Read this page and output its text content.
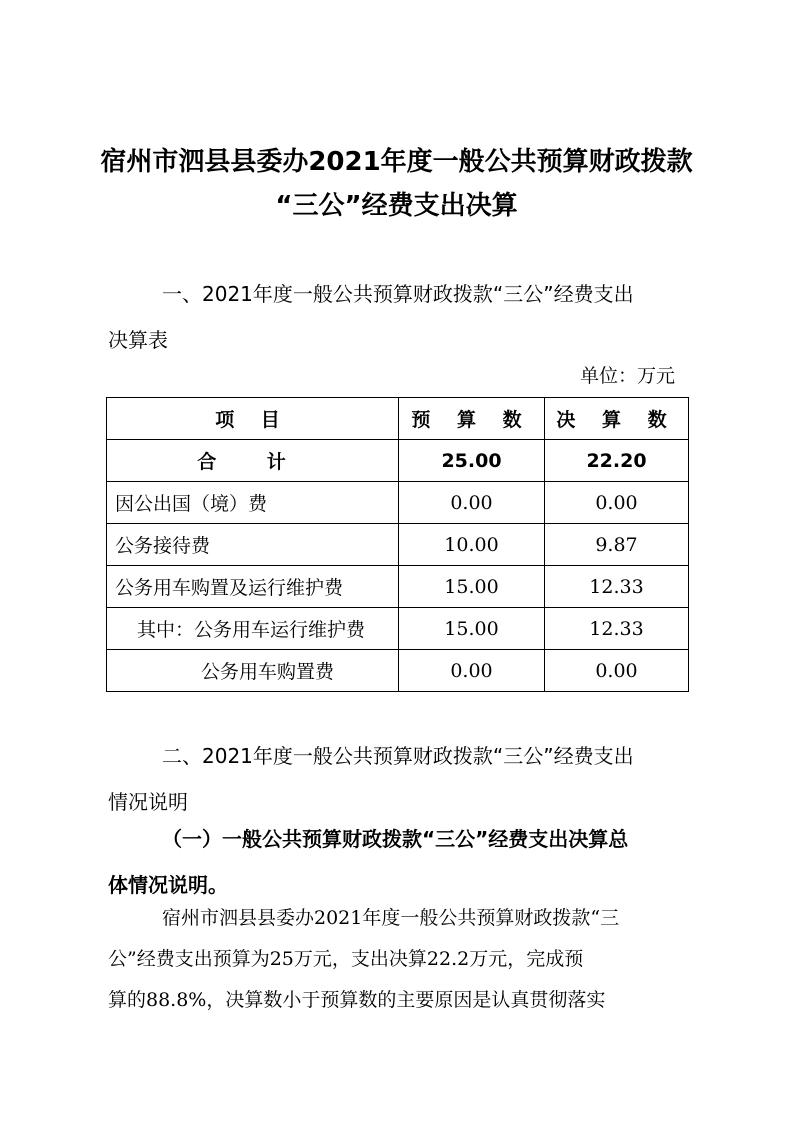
宿州市泗县县委办2021年度一般公共预算财政拨款
“三公”经费支出决算
一、2021年度一般公共预算财政拨款“三公”经费支出
决算表
单位：万元
项 目	预 算 数	决 算 数
合 计	25.00	22.20
因公出国（境）费	0.00	0.00
公务接待费	10.00	9.87
公务用车购置及运行维护费	15.00	12.33
其中：公务用车运行维护费	15.00	12.33
公务用车购置费	0.00	0.00
二、2021年度一般公共预算财政拨款“三公”经费支出
情况说明
（一）一般公共预算财政拨款“三公”经费支出决算总
体情况说明。
宿州市泗县县委办2021年度一般公共预算财政拨款“三
公”经费支出预算为25万元，支出决算22.2万元，完成预
算的88.8%，决算数小于预算数的主要原因是认真贯彻落实
